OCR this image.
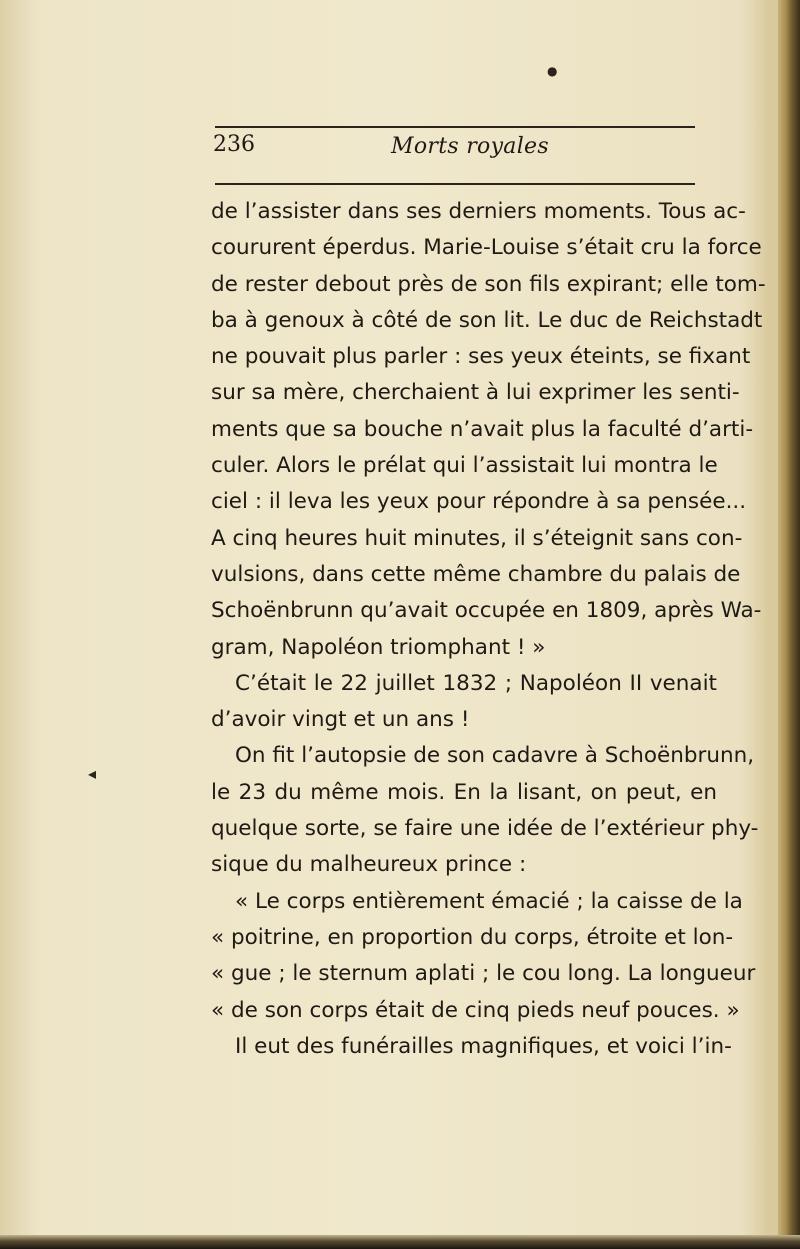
236	Morts royales
de l’assister dans ses derniers moments. Tous ac-
coururent éperdus. Marie-Louise s’était cru la force
de rester debout près de son fils expirant; elle tom-
ba à genoux à côté de son lit. Le duc de Reichstadt
ne pouvait plus parler : ses yeux éteints, se fixant
sur sa mère, cherchaient à lui exprimer les senti-
ments que sa bouche n’avait plus la faculté d’arti-
culer. Alors le prélat qui l’assistait lui montra le
ciel : il leva les yeux pour répondre à sa pensée...
A cinq heures huit minutes, il s’éteignit sans con-
vulsions, dans cette même chambre du palais de
Schoënbrunn qu’avait occupée en 1809, après Wa-
gram, Napoléon triomphant ! »
C’était le 22 juillet 1832 ; Napoléon II venait
d’avoir vingt et un ans !
On fit l’autopsie de son cadavre à Schoënbrunn,
le 23 du même mois. En la lisant, on peut, en
quelque sorte, se faire une idée de l’extérieur phy-
sique du malheureux prince :
« Le corps entièrement émacié ; la caisse de la
« poitrine, en proportion du corps, étroite et lon-
« gue ; le sternum aplati ; le cou long. La longueur
« de son corps était de cinq pieds neuf pouces. »
Il eut des funérailles magnifiques, et voici l’in-
◂
●
